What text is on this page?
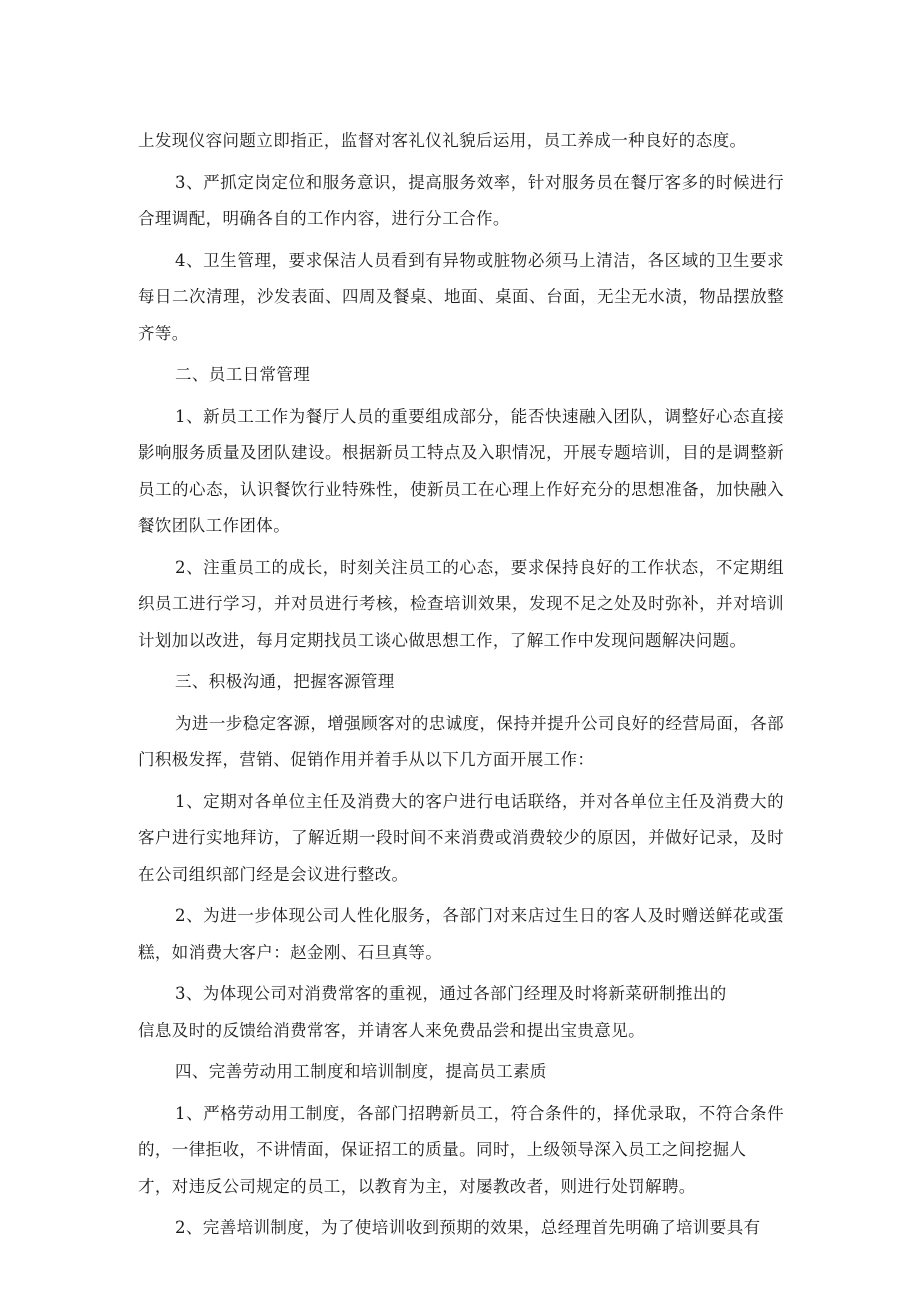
上发现仪容问题立即指正，监督对客礼仪礼貌后运用，员工养成一种良好的态度。

3、严抓定岗定位和服务意识，提高服务效率，针对服务员在餐厅客多的时候进行合理调配，明确各自的工作内容，进行分工合作。

4、卫生管理，要求保洁人员看到有异物或脏物必须马上清洁，各区域的卫生要求每日二次清理，沙发表面、四周及餐桌、地面、桌面、台面，无尘无水渍，物品摆放整齐等。

二、员工日常管理

1、新员工工作为餐厅人员的重要组成部分，能否快速融入团队，调整好心态直接影响服务质量及团队建设。根据新员工特点及入职情况，开展专题培训，目的是调整新员工的心态，认识餐饮行业特殊性，使新员工在心理上作好充分的思想准备，加快融入餐饮团队工作团体。

2、注重员工的成长，时刻关注员工的心态，要求保持良好的工作状态，不定期组织员工进行学习，并对员进行考核，检查培训效果，发现不足之处及时弥补，并对培训计划加以改进，每月定期找员工谈心做思想工作，了解工作中发现问题解决问题。

三、积极沟通，把握客源管理

为进一步稳定客源，增强顾客对的忠诚度，保持并提升公司良好的经营局面，各部门积极发挥，营销、促销作用并着手从以下几方面开展工作：

1、定期对各单位主任及消费大的客户进行电话联络，并对各单位主任及消费大的客户进行实地拜访，了解近期一段时间不来消费或消费较少的原因，并做好记录，及时在公司组织部门经是会议进行整改。

2、为进一步体现公司人性化服务，各部门对来店过生日的客人及时赠送鲜花或蛋糕，如消费大客户：赵金刚、石旦真等。

3、为体现公司对消费常客的重视，通过各部门经理及时将新菜研制推出的
信息及时的反馈给消费常客，并请客人来免费品尝和提出宝贵意见。

四、完善劳动用工制度和培训制度，提高员工素质

1、严格劳动用工制度，各部门招聘新员工，符合条件的，择优录取，不符合条件的，一律拒收，不讲情面，保证招工的质量。同时，上级领导深入员工之间挖掘人
才，对违反公司规定的员工，以教育为主，对屡教改者，则进行处罚解聘。

2、完善培训制度，为了使培训收到预期的效果，总经理首先明确了培训要具有
